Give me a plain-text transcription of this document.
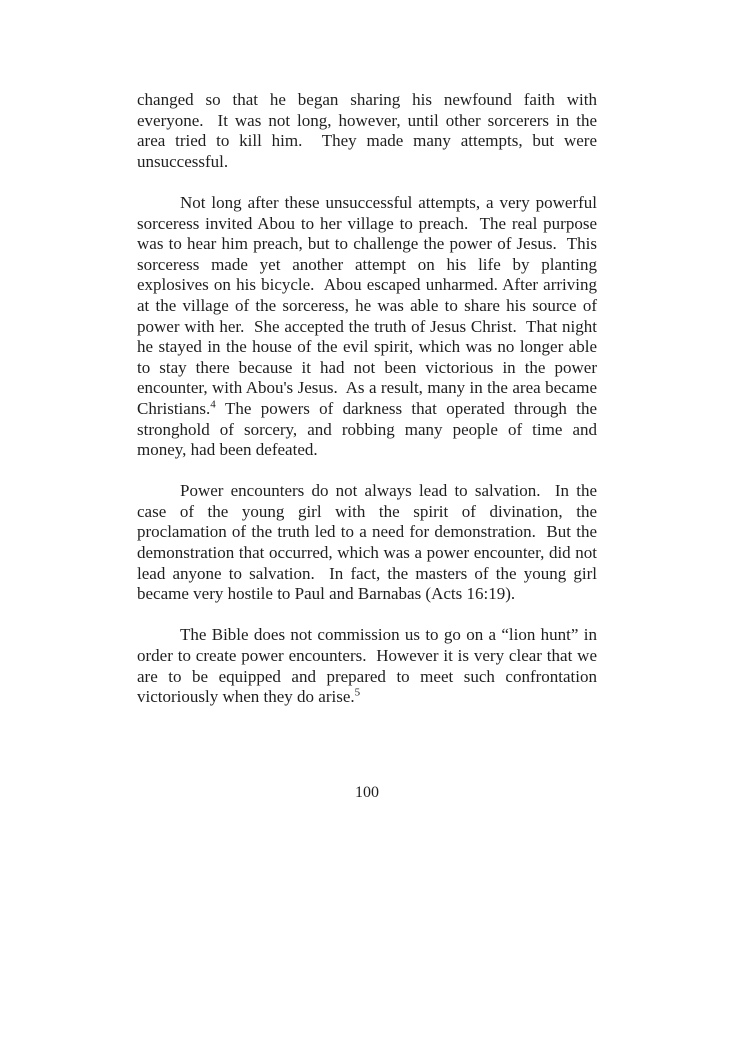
changed so that he began sharing his newfound faith with everyone.  It was not long, however, until other sorcerers in the area tried to kill him.  They made many attempts, but were unsuccessful.

Not long after these unsuccessful attempts, a very powerful sorceress invited Abou to her village to preach.  The real purpose was to hear him preach, but to challenge the power of Jesus.  This sorceress made yet another attempt on his life by planting explosives on his bicycle.  Abou escaped unharmed. After arriving at the village of the sorceress, he was able to share his source of power with her.  She accepted the truth of Jesus Christ.  That night he stayed in the house of the evil spirit, which was no longer able to stay there because it had not been victorious in the power encounter, with Abou's Jesus.  As a result, many in the area became Christians.$^4$ The powers of darkness that operated through the stronghold of sorcery, and robbing many people of time and money, had been defeated.

Power encounters do not always lead to salvation.  In the case of the young girl with the spirit of divination, the proclamation of the truth led to a need for demonstration.  But the demonstration that occurred, which was a power encounter, did not lead anyone to salvation.  In fact, the masters of the young girl became very hostile to Paul and Barnabas (Acts 16:19).

The Bible does not commission us to go on a “lion hunt” in order to create power encounters.  However it is very clear that we are to be equipped and prepared to meet such confrontation victoriously when they do arise.$^5$

100
